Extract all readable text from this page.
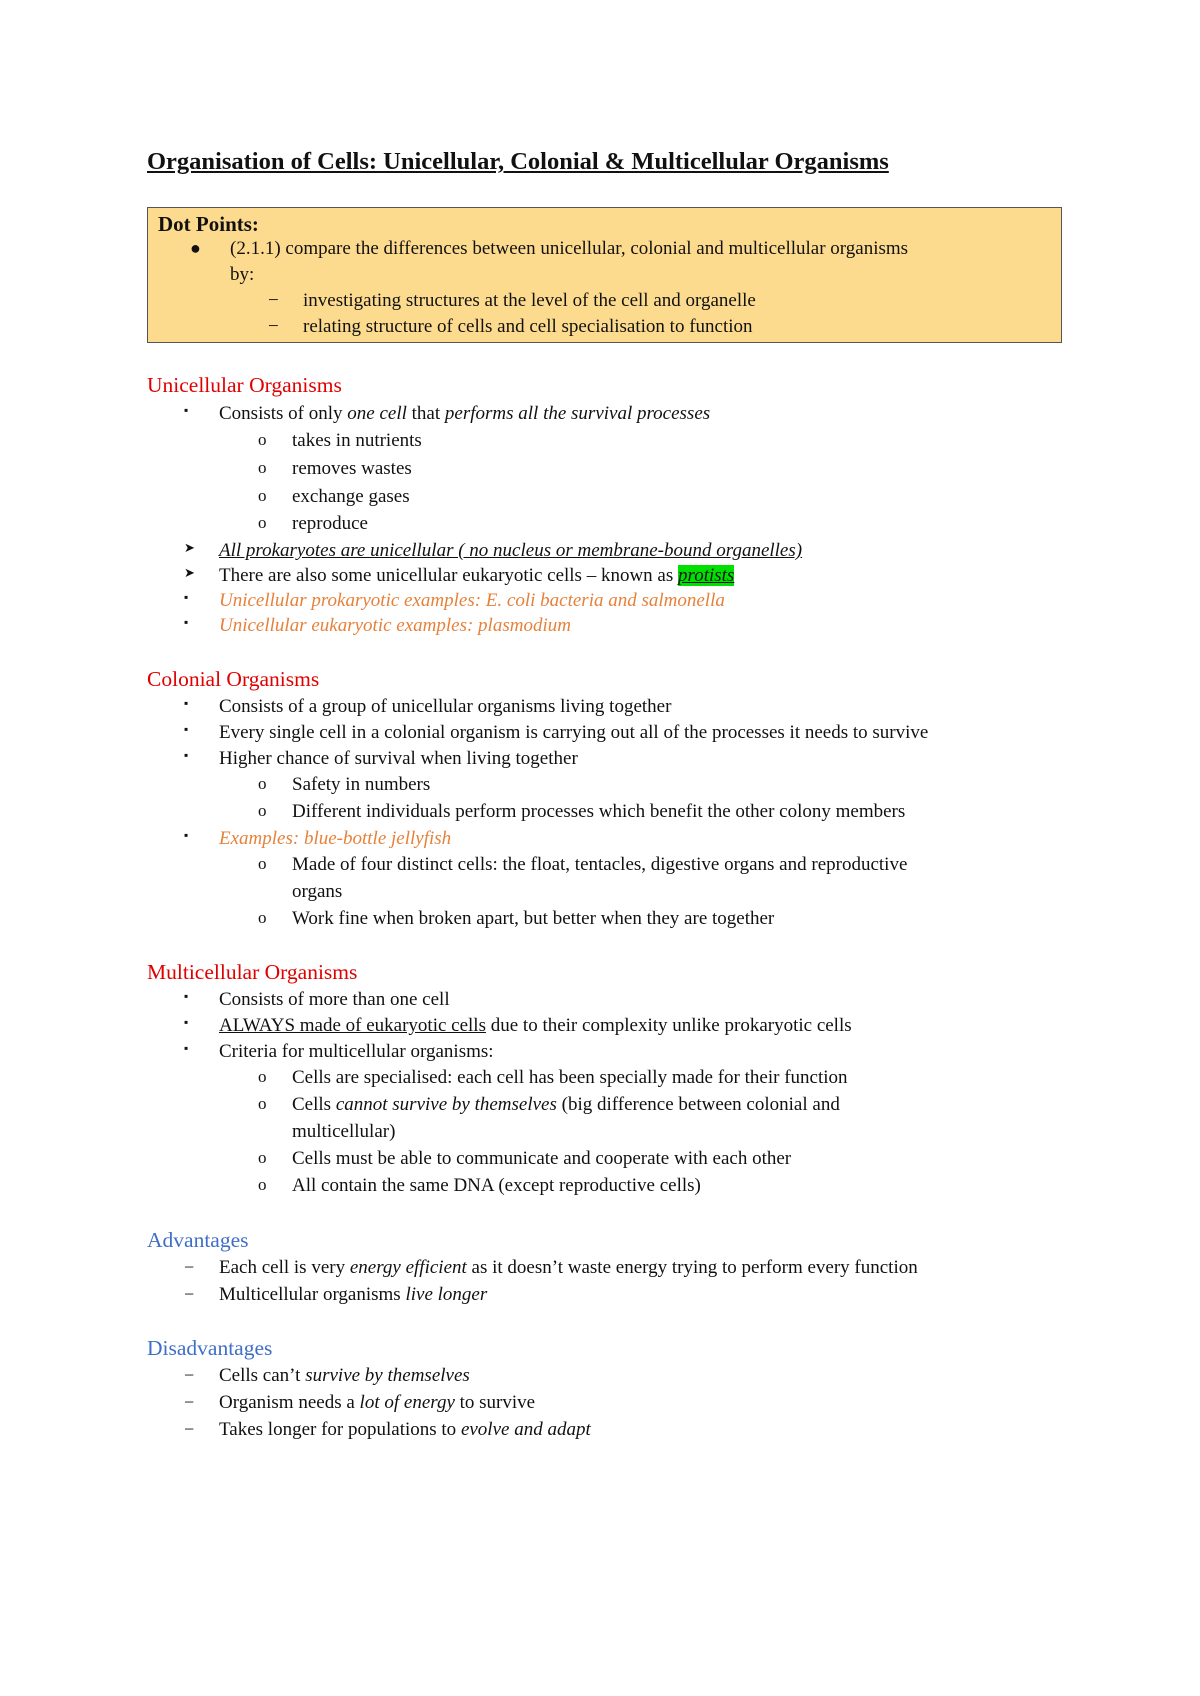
Organisation of Cells: Unicellular, Colonial & Multicellular Organisms
Dot Points:
● (2.1.1) compare the differences between unicellular, colonial and multicellular organisms
by:
− investigating structures at the level of the cell and organelle
− relating structure of cells and cell specialisation to function
Unicellular Organisms
▪ Consists of only one cell that performs all the survival processes
o takes in nutrients
o removes wastes
o exchange gases
o reproduce
➤ All prokaryotes are unicellular ( no nucleus or membrane-bound organelles)
➤ There are also some unicellular eukaryotic cells – known as protists
▪ Unicellular prokaryotic examples: E. coli bacteria and salmonella
▪ Unicellular eukaryotic examples: plasmodium
Colonial Organisms
▪ Consists of a group of unicellular organisms living together
▪ Every single cell in a colonial organism is carrying out all of the processes it needs to survive
▪ Higher chance of survival when living together
o Safety in numbers
o Different individuals perform processes which benefit the other colony members
▪ Examples: blue-bottle jellyfish
o Made of four distinct cells: the float, tentacles, digestive organs and reproductive
organs
o Work fine when broken apart, but better when they are together
Multicellular Organisms
▪ Consists of more than one cell
▪ ALWAYS made of eukaryotic cells due to their complexity unlike prokaryotic cells
▪ Criteria for multicellular organisms:
o Cells are specialised: each cell has been specially made for their function
o Cells cannot survive by themselves (big difference between colonial and
multicellular)
o Cells must be able to communicate and cooperate with each other
o All contain the same DNA (except reproductive cells)
Advantages
− Each cell is very energy efficient as it doesn’t waste energy trying to perform every function
− Multicellular organisms live longer
Disadvantages
− Cells can’t survive by themselves
− Organism needs a lot of energy to survive
− Takes longer for populations to evolve and adapt
